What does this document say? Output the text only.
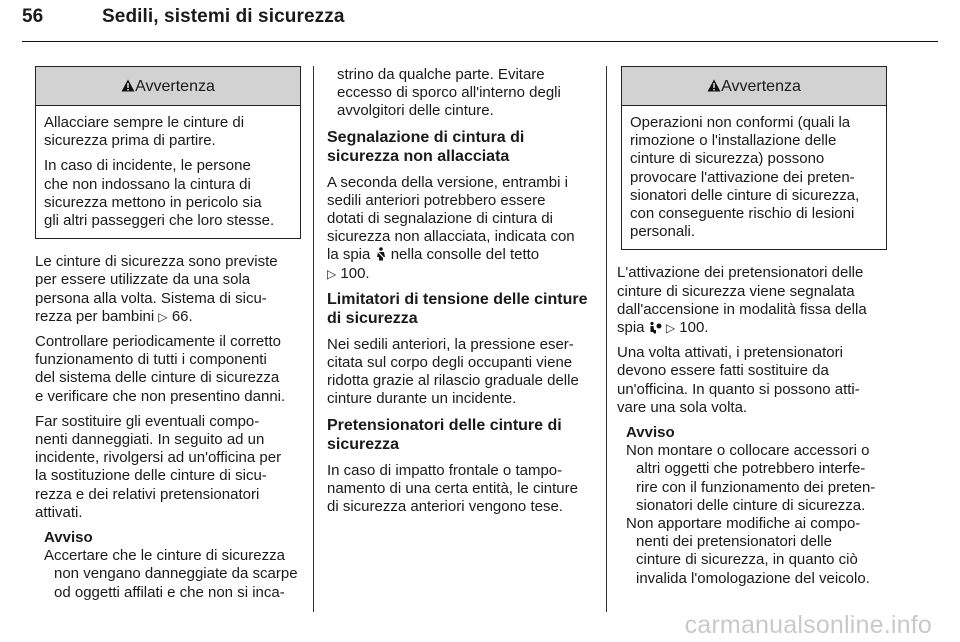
56	Sedili, sistemi di sicurezza
Avvertenza

Allacciare sempre le cinture di
sicurezza prima di partire.

In caso di incidente, le persone
che non indossano la cintura di
sicurezza mettono in pericolo sia
gli altri passeggeri che loro stesse.

Le cinture di sicurezza sono previste
per essere utilizzate da una sola
persona alla volta. Sistema di sicu-
rezza per bambini ▷ 66.

Controllare periodicamente il corretto
funzionamento di tutti i componenti
del sistema delle cinture di sicurezza
e verificare che non presentino danni.

Far sostituire gli eventuali compo-
nenti danneggiati. In seguito ad un
incidente, rivolgersi ad un'officina per
la sostituzione delle cinture di sicu-
rezza e dei relativi pretensionatori
attivati.

Avviso
Accertare che le cinture di sicurezza
non vengano danneggiate da scarpe
od oggetti affilati e che non si inca-

strino da qualche parte. Evitare
eccesso di sporco all'interno degli
avvolgitori delle cinture.

Segnalazione di cintura di
sicurezza non allacciata

A seconda della versione, entrambi i
sedili anteriori potrebbero essere
dotati di segnalazione di cintura di
sicurezza non allacciata, indicata con
la spia  nella consolle del tetto
▷ 100.

Limitatori di tensione delle cinture
di sicurezza

Nei sedili anteriori, la pressione eser-
citata sul corpo degli occupanti viene
ridotta grazie al rilascio graduale delle
cinture durante un incidente.

Pretensionatori delle cinture di
sicurezza

In caso di impatto frontale o tampo-
namento di una certa entità, le cinture
di sicurezza anteriori vengono tese.

Avvertenza

Operazioni non conformi (quali la
rimozione o l'installazione delle
cinture di sicurezza) possono
provocare l'attivazione dei preten-
sionatori delle cinture di sicurezza,
con conseguente rischio di lesioni
personali.

L'attivazione dei pretensionatori delle
cinture di sicurezza viene segnalata
dall'accensione in modalità fissa della
spia  ▷ 100.

Una volta attivati, i pretensionatori
devono essere fatti sostituire da
un'officina. In quanto si possono atti-
vare una sola volta.

Avviso
Non montare o collocare accessori o
altri oggetti che potrebbero interfe-
rire con il funzionamento dei preten-
sionatori delle cinture di sicurezza.
Non apportare modifiche ai compo-
nenti dei pretensionatori delle
cinture di sicurezza, in quanto ciò
invalida l'omologazione del veicolo.
carmanualsonline.info
